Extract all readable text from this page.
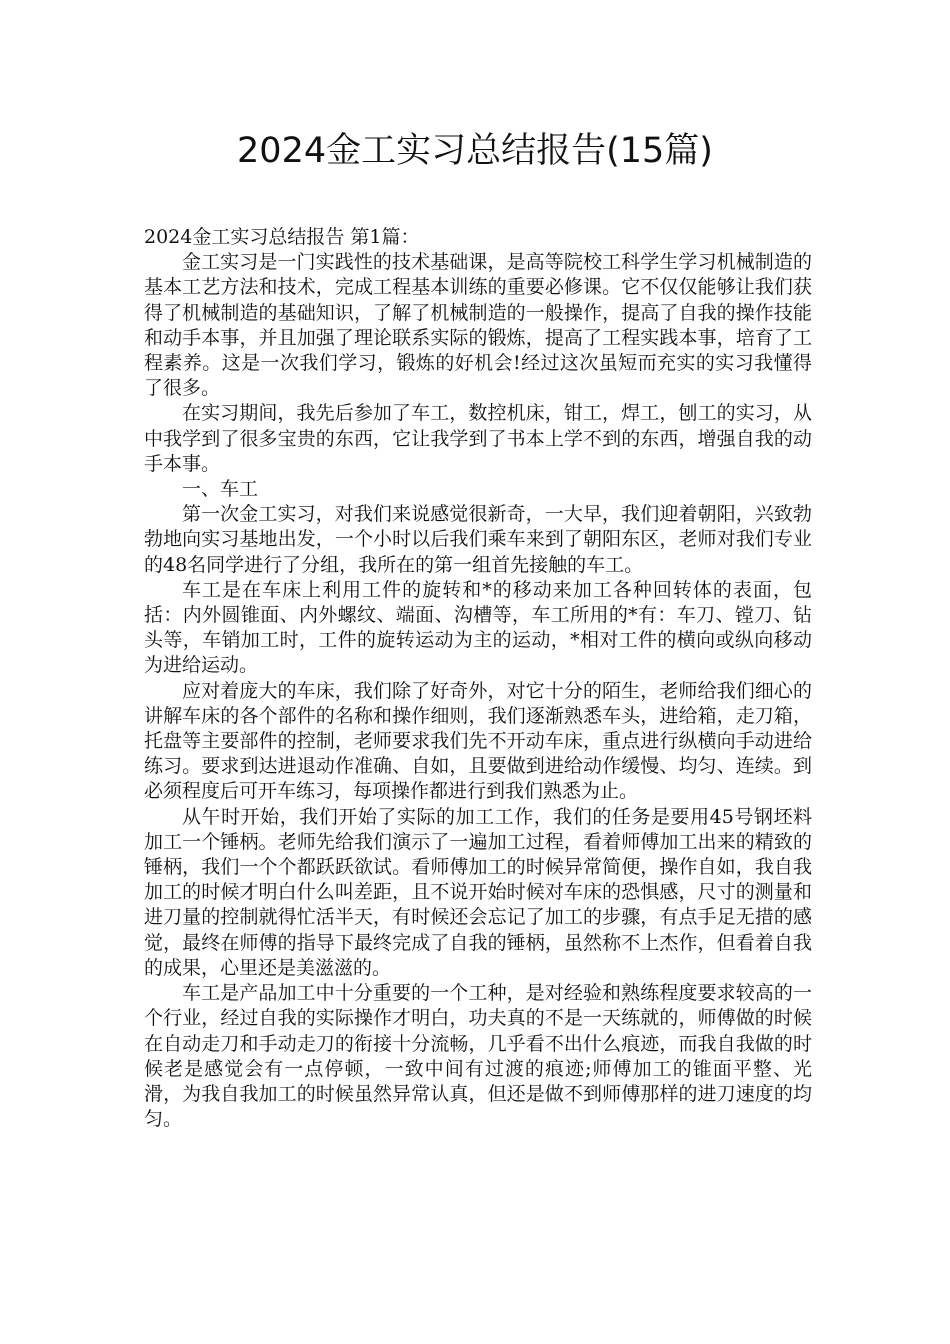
2024金工实习总结报告(15篇)

2024金工实习总结报告 第1篇：

金工实习是一门实践性的技术基础课，是高等院校工科学生学习机械制造的基本工艺方法和技术，完成工程基本训练的重要必修课。它不仅仅能够让我们获得了机械制造的基础知识，了解了机械制造的一般操作，提高了自我的操作技能和动手本事，并且加强了理论联系实际的锻炼，提高了工程实践本事，培育了工程素养。这是一次我们学习，锻炼的好机会!经过这次虽短而充实的实习我懂得了很多。

在实习期间，我先后参加了车工，数控机床，钳工，焊工，刨工的实习，从中我学到了很多宝贵的东西，它让我学到了书本上学不到的东西，增强自我的动手本事。

一、车工

第一次金工实习，对我们来说感觉很新奇，一大早，我们迎着朝阳，兴致勃勃地向实习基地出发，一个小时以后我们乘车来到了朝阳东区，老师对我们专业的48名同学进行了分组，我所在的第一组首先接触的车工。

车工是在车床上利用工件的旋转和*的移动来加工各种回转体的表面，包括：内外圆锥面、内外螺纹、端面、沟槽等，车工所用的*有：车刀、镗刀、钻头等，车销加工时，工件的旋转运动为主的运动，*相对工件的横向或纵向移动为进给运动。

应对着庞大的车床，我们除了好奇外，对它十分的陌生，老师给我们细心的讲解车床的各个部件的名称和操作细则，我们逐渐熟悉车头，进给箱，走刀箱，托盘等主要部件的控制，老师要求我们先不开动车床，重点进行纵横向手动进给练习。要求到达进退动作准确、自如，且要做到进给动作缓慢、均匀、连续。到必须程度后可开车练习，每项操作都进行到我们熟悉为止。

从午时开始，我们开始了实际的加工工作，我们的任务是要用45号钢坯料加工一个锤柄。老师先给我们演示了一遍加工过程，看着师傅加工出来的精致的锤柄，我们一个个都跃跃欲试。看师傅加工的时候异常简便，操作自如，我自我加工的时候才明白什么叫差距，且不说开始时候对车床的恐惧感，尺寸的测量和进刀量的控制就得忙活半天，有时候还会忘记了加工的步骤，有点手足无措的感觉，最终在师傅的指导下最终完成了自我的锤柄，虽然称不上杰作，但看着自我的成果，心里还是美滋滋的。

车工是产品加工中十分重要的一个工种，是对经验和熟练程度要求较高的一个行业，经过自我的实际操作才明白，功夫真的不是一天练就的，师傅做的时候在自动走刀和手动走刀的衔接十分流畅，几乎看不出什么痕迹，而我自我做的时候老是感觉会有一点停顿，一致中间有过渡的痕迹;师傅加工的锥面平整、光滑，为我自我加工的时候虽然异常认真，但还是做不到师傅那样的进刀速度的均匀。
